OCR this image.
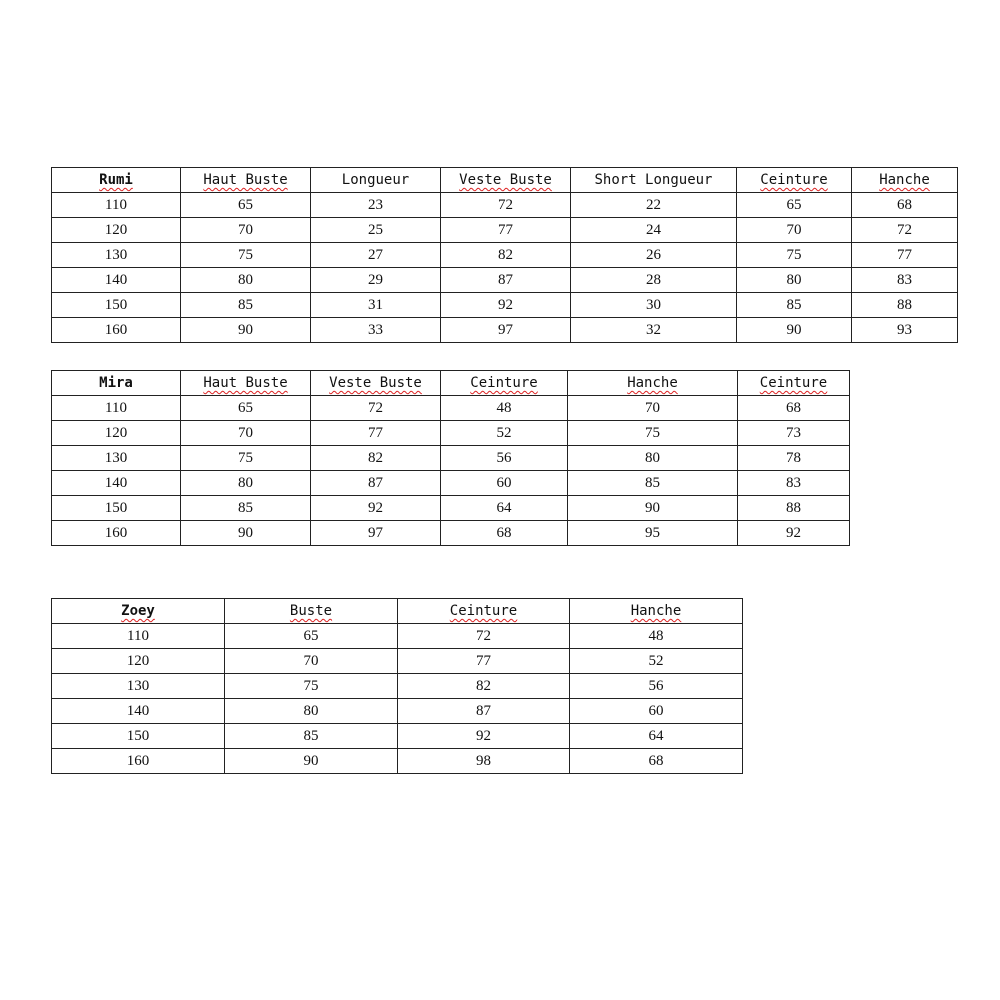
Rumi	Haut Buste	Longueur	Veste Buste	Short Longueur	Ceinture	Hanche
110	65	23	72	22	65	68
120	70	25	77	24	70	72
130	75	27	82	26	75	77
140	80	29	87	28	80	83
150	85	31	92	30	85	88
160	90	33	97	32	90	93
Mira	Haut Buste	Veste Buste	Ceinture	Hanche	Ceinture
110	65	72	48	70	68
120	70	77	52	75	73
130	75	82	56	80	78
140	80	87	60	85	83
150	85	92	64	90	88
160	90	97	68	95	92
Zoey	Buste	Ceinture	Hanche
110	65	72	48
120	70	77	52
130	75	82	56
140	80	87	60
150	85	92	64
160	90	98	68
